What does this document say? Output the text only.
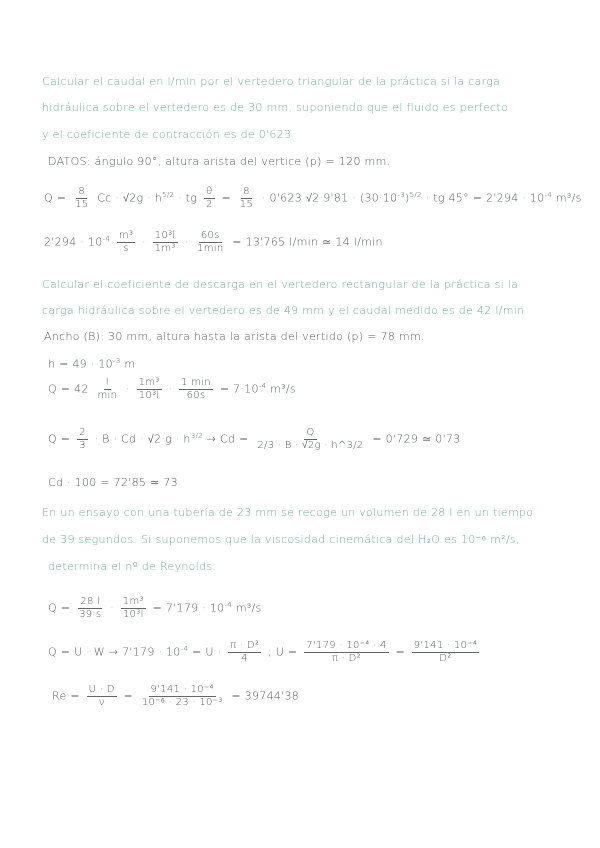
Calcular el caudal en l/min por el vertedero triangular de la práctica si la carga
hidráulica sobre el vertedero es de 30 mm, suponiendo que el fluido es perfecto
y el coeficiente de contracción es de 0'623
DATOS: ángulo 90°, altura arista del vertice (p) = 120 mm.
$Q = \frac{8}{15}$ $Cc \cdot √2g \cdot h^{5/2}$ · tg $\frac{\theta}{2} = \frac{8}{15} \cdot 0'623$ $√2\cdot 9'81 \cdot (30\cdot 10^{-3})^{5/2}$ · tg $45^\circ = 2'294 \cdot 10^{-4}$ m³/s
$2'294 \cdot 10^{-4} \frac{\text{m³}}{s} \cdot \frac{\text{10³l}}{\text{1m³}} \cdot \frac{60s}{1\min} = 13'765$ l/min ≃ 14 l/min
Calcular el coeficiente de descarga en el vertedero rectangular de la práctica si la
carga hidráulica sobre el vertedero es de 49 mm y el caudal medido es de 42 l/min
Ancho (B): 30 mm, altura hasta la arista del vertido (p) = 78 mm.
$h = 49 \cdot 10^{-3}$ m
$Q = 42 \frac{l}{\min} \cdot \frac{\text{1m³}}{\text{10³l}} \cdot \frac{1 \min}{60s} = 7\cdot 10^{-4}$ m³/s
$Q = \frac{2}{3} \cdot B \cdot Cd \cdot √2\cdot g \cdot h^{3/2} \to Cd = \frac{Q}{2/3 \cdot B \cdot √2g \cdot h\^{}3/2} = 0'729$ ≃ 0'73
Cd · 100 = 72'85 ≃ 73
En un ensayo con una tubería de 23 mm se recoge un volumen de 28 l en un tiempo
de 39 segundos. Si suponemos que la viscosidad cinemática del H₂O es 10⁻⁶ m²/s,
determina el nº de Reynolds.
$Q = \frac{28 l}{39 s} \cdot \frac{\text{1m³}}{\text{10³l}} = 7'179 \cdot 10^{-4}$ m³/s
$Q = U \cdot W \to 7'179 \cdot 10^{-4} = U \cdot \frac{\text{π · D²}}{4}$ ; $U = \frac{\text{7'179 · 10⁻⁴ · 4}}{\text{π · D²}} = \frac{\text{9'141 · 10⁻⁴}}{\text{D²}}$
$Re = \frac{U \cdot D}{\nu} = \frac{\text{9'141 · 10⁻⁴}}{\text{10⁻⁶ · 23 · 10⁻³}} = 39744'38$
